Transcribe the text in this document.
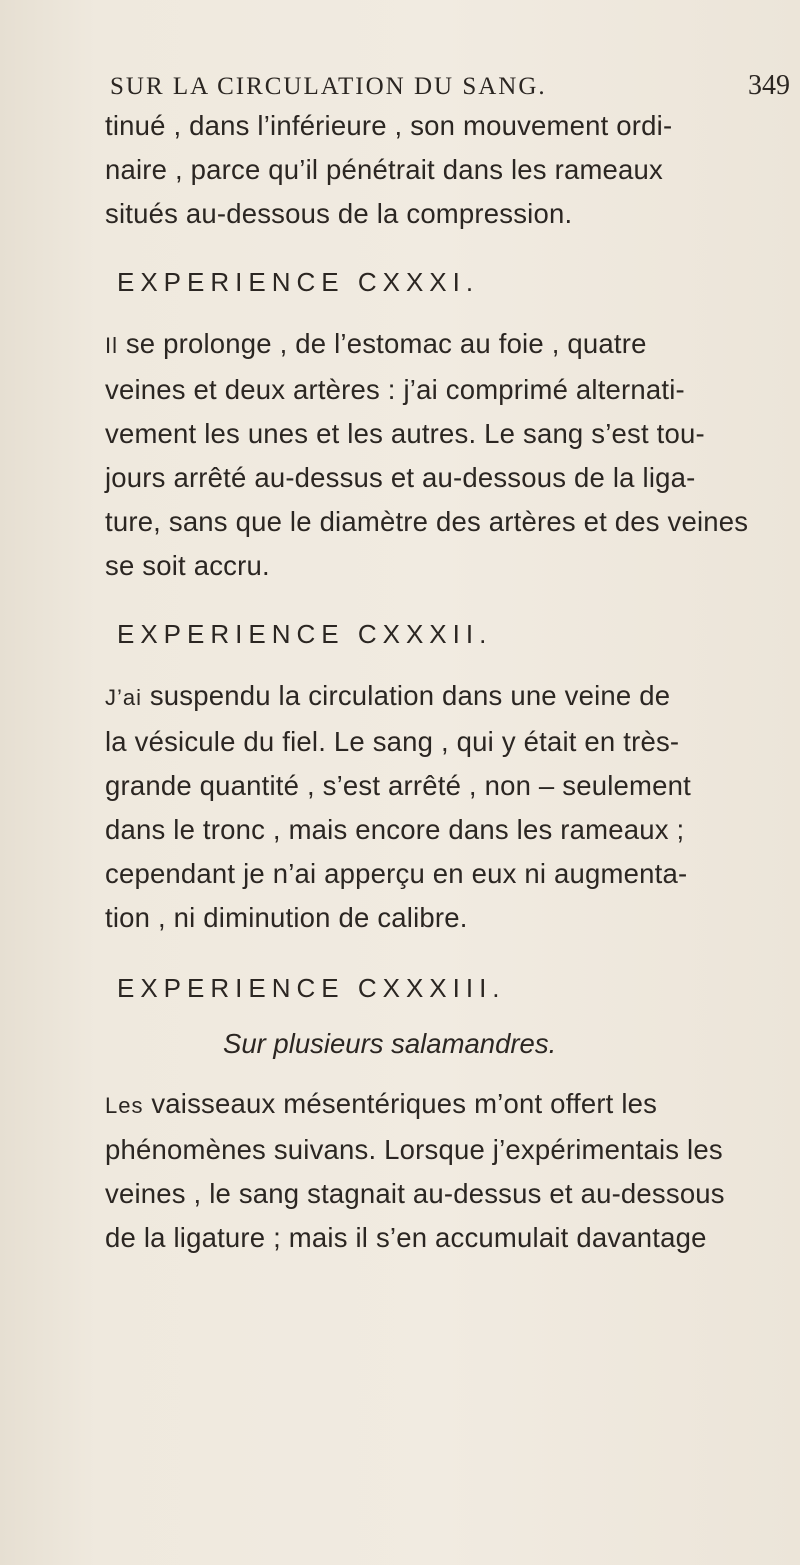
SUR LA CIRCULATION DU SANG.	349
tinué , dans l’inférieure , son mouvement ordi-
naire , parce qu’il pénétrait dans les rameaux
situés au-dessous de la compression.
EXPERIENCE CXXXI.
Il se prolonge , de l’estomac au foie , quatre
veines et deux artères : j’ai comprimé alternati-
vement les unes et les autres. Le sang s’est tou-
jours arrêté au-dessus et au-dessous de la liga-
ture, sans que le diamètre des artères et des veines
se soit accru.
EXPERIENCE CXXXII.
J’ai suspendu la circulation dans une veine de
la vésicule du fiel. Le sang , qui y était en très-
grande quantité , s’est arrêté , non – seulement
dans le tronc , mais encore dans les rameaux ;
cependant je n’ai apperçu en eux ni augmenta-
tion , ni diminution de calibre.
EXPERIENCE CXXXIII.
Sur plusieurs salamandres.
Les vaisseaux mésentériques m’ont offert les
phénomènes suivans. Lorsque j’expérimentais les
veines , le sang stagnait au-dessus et au-dessous
de la ligature ; mais il s’en accumulait davantage
